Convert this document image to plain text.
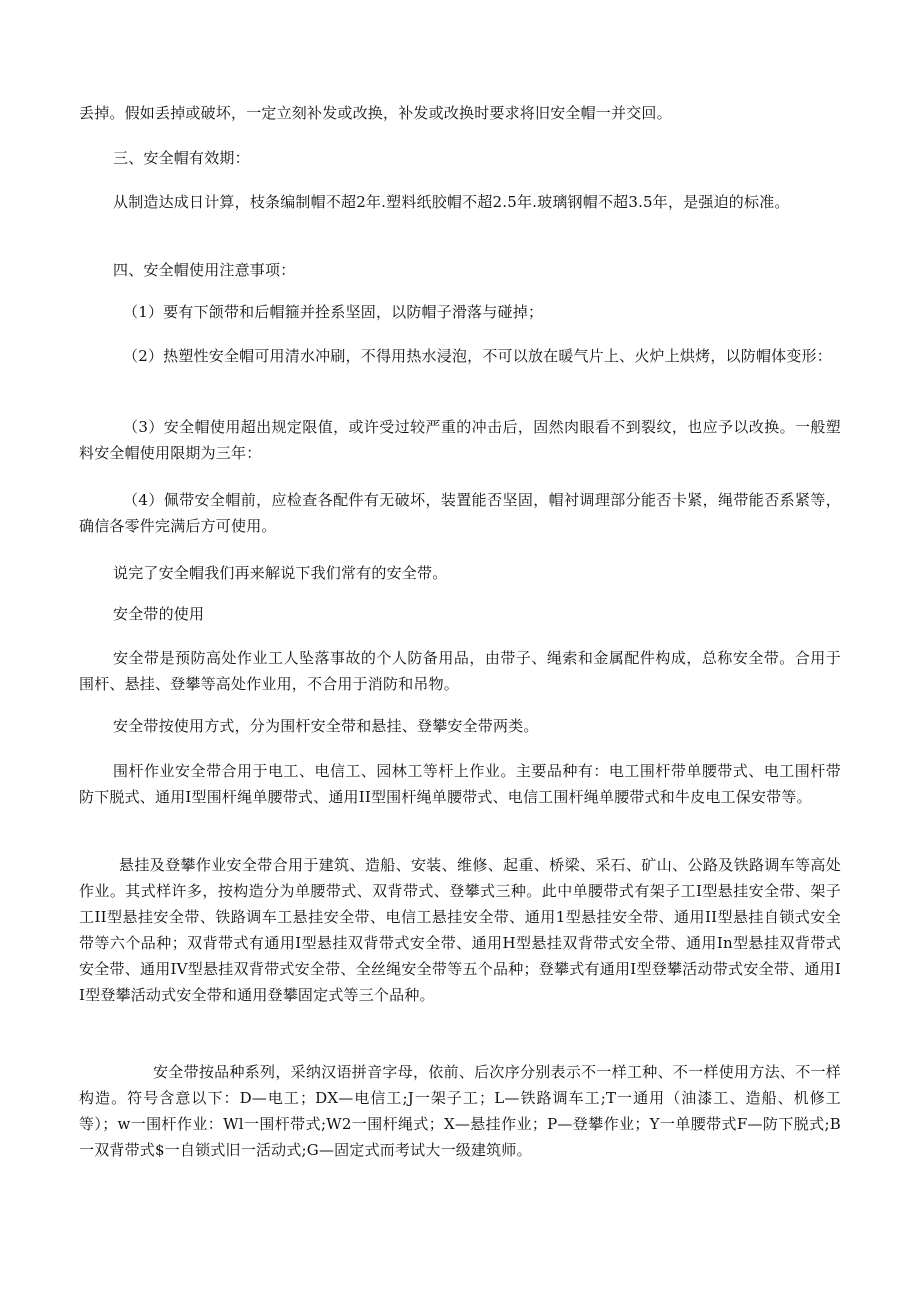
丢掉。假如丢掉或破坏，一定立刻补发或改换，补发或改换时要求将旧安全帽一并交回。

三、安全帽有效期：

从制造达成日计算，枝条编制帽不超2年.塑料纸胶帽不超2.5年.玻璃钢帽不超3.5年，是强迫的标准。

四、安全帽使用注意事项：

（1）要有下颌带和后帽箍并拴系坚固，以防帽子滑落与碰掉；

（2）热塑性安全帽可用清水冲刷，不得用热水浸泡，不可以放在暖气片上、火炉上烘烤，以防帽体变形：

（3）安全帽使用超出规定限值，或许受过较严重的冲击后，固然肉眼看不到裂纹，也应予以改换。一般塑料安全帽使用限期为三年：

（4）佩带安全帽前，应检查各配件有无破坏，装置能否坚固，帽衬调理部分能否卡紧，绳带能否系紧等，确信各零件完满后方可使用。

说完了安全帽我们再来解说下我们常有的安全带。

安全带的使用

安全带是预防高处作业工人坠落事故的个人防备用品，由带子、绳索和金属配件构成，总称安全带。合用于围杆、悬挂、登攀等高处作业用，不合用于消防和吊物。

安全带按使用方式，分为围杆安全带和悬挂、登攀安全带两类。

围杆作业安全带合用于电工、电信工、园林工等杆上作业。主要品种有：电工围杆带单腰带式、电工围杆带防下脱式、通用I型围杆绳单腰带式、通用II型围杆绳单腰带式、电信工围杆绳单腰带式和牛皮电工保安带等。

悬挂及登攀作业安全带合用于建筑、造船、安装、维修、起重、桥梁、采石、矿山、公路及铁路调车等高处作业。其式样许多，按构造分为单腰带式、双背带式、登攀式三种。此中单腰带式有架子工I型悬挂安全带、架子工II型悬挂安全带、铁路调车工悬挂安全带、电信工悬挂安全带、通用1型悬挂安全带、通用II型悬挂自锁式安全带等六个品种；双背带式有通用I型悬挂双背带式安全带、通用H型悬挂双背带式安全带、通用In型悬挂双背带式安全带、通用IV型悬挂双背带式安全带、全丝绳安全带等五个品种；登攀式有通用I型登攀活动带式安全带、通用II型登攀活动式安全带和通用登攀固定式等三个品种。

安全带按品种系列，采纳汉语拼音字母，依前、后次序分别表示不一样工种、不一样使用方法、不一样构造。符号含意以下：D—电工；DX—电信工;J一架子工；L—铁路调车工;T一通用（油漆工、造船、机修工等）；w一围杆作业：Wl一围杆带式;W2一围杆绳式；X—悬挂作业；P—登攀作业；Y一单腰带式F—防下脱式;B一双背带式$一自锁式旧一活动式;G—固定式而考试大一级建筑师。
